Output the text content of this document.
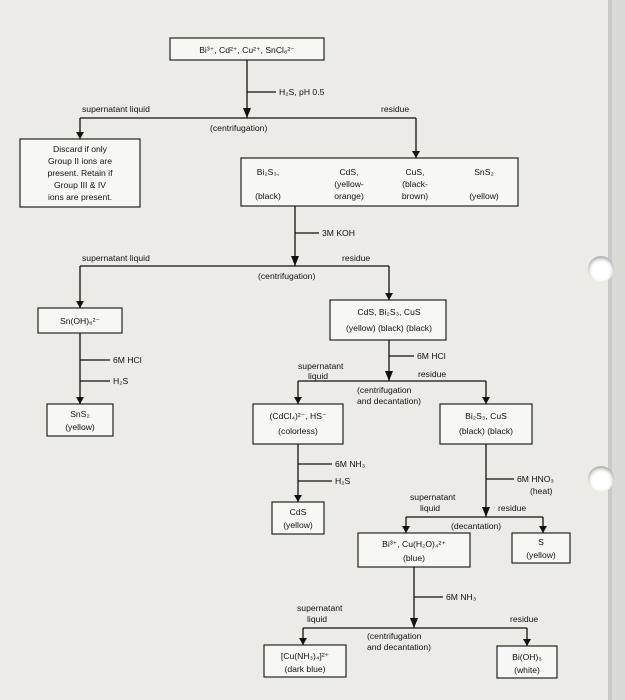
Bi³⁺, Cd²⁺, Cu²⁺, SnCl₆²⁻
Discard if only
Group II ions are
present. Retain if
Group III & IV
ions are present.
Bi₂S₃,
(black)
CdS,
(yellow-
orange)
CuS,
(black-
brown)
SnS₂
(yellow)
Sn(OH)₆²⁻
CdS, Bi₂S₃, CuS
(yellow) (black) (black)
SnS₂
(yellow)
(CdCl₄)²⁻, HS⁻
(colorless)
Bi₂S₃, CuS
(black) (black)
CdS
(yellow)
Bi³⁺, Cu(H₂O)₄²⁺
(blue)
S
(yellow)
[Cu(NH₃)₄]²⁺
(dark blue)
Bi(OH)₃
(white)
H₂S, pH 0.5
supernatant liquid	residue
(centrifugation)
3M KOH
supernatant liquid	residue
(centrifugation)
6M HCl
H₂S
6M HCl
supernatant
liquid	residue
(centrifugation
and decantation)
6M NH₃
H₂S	6M HNO₃
(heat)
supernatant
liquid	residue
(decantation)
6M NH₃
supernatant
liquid	residue
(centrifugation
and decantation)
